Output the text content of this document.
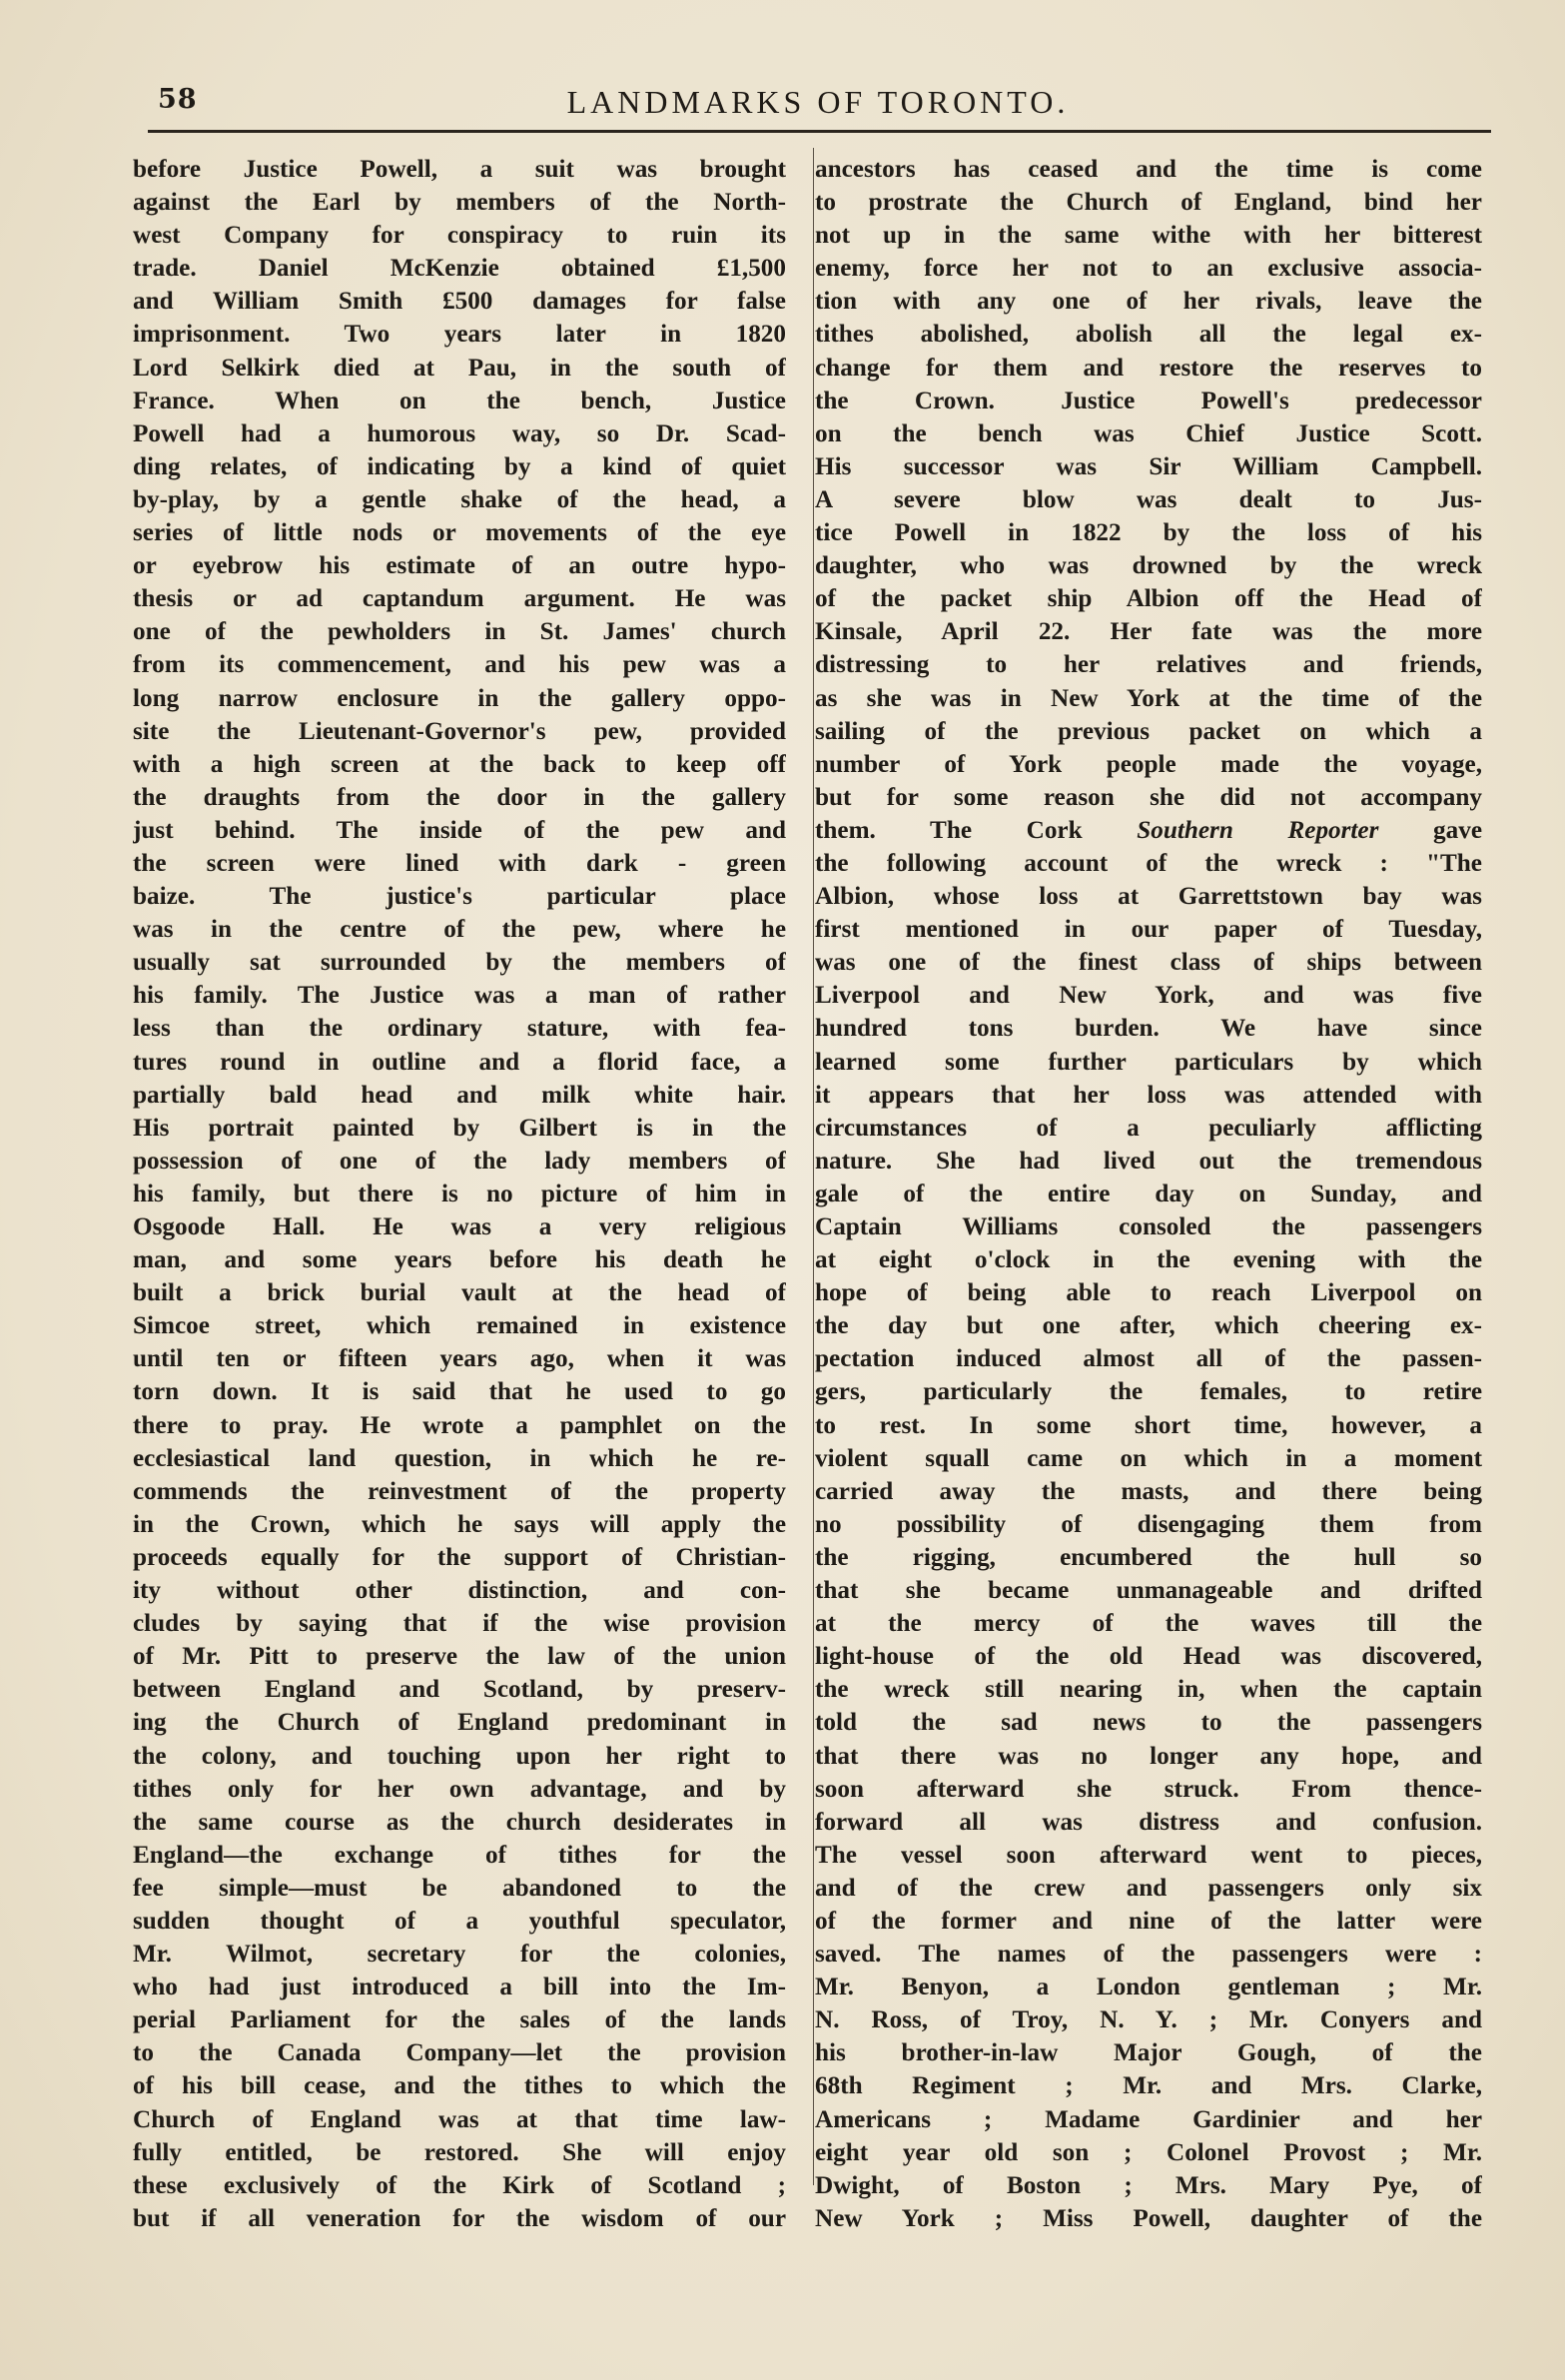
58	LANDMARKS OF TORONTO.
before Justice Powell, a suit was brought
against the Earl by members of the North-
west Company for conspiracy to ruin its
trade. Daniel McKenzie obtained £1,500
and William Smith £500 damages for false
imprisonment. Two years later in 1820
Lord Selkirk died at Pau, in the south of
France. When on the bench, Justice
Powell had a humorous way, so Dr. Scad-
ding relates, of indicating by a kind of quiet
by-play, by a gentle shake of the head, a
series of little nods or movements of the eye
or eyebrow his estimate of an outre hypo-
thesis or ad captandum argument. He was
one of the pewholders in St. James' church
from its commencement, and his pew was a
long narrow enclosure in the gallery oppo-
site the Lieutenant-Governor's pew, provided
with a high screen at the back to keep off
the draughts from the door in the gallery
just behind. The inside of the pew and
the screen were lined with dark - green
baize. The justice's particular place
was in the centre of the pew, where he
usually sat surrounded by the members of
his family. The Justice was a man of rather
less than the ordinary stature, with fea-
tures round in outline and a florid face, a
partially bald head and milk white hair.
His portrait painted by Gilbert is in the
possession of one of the lady members of
his family, but there is no picture of him in
Osgoode Hall. He was a very religious
man, and some years before his death he
built a brick burial vault at the head of
Simcoe street, which remained in existence
until ten or fifteen years ago, when it was
torn down. It is said that he used to go
there to pray. He wrote a pamphlet on the
ecclesiastical land question, in which he re-
commends the reinvestment of the property
in the Crown, which he says will apply the
proceeds equally for the support of Christian-
ity without other distinction, and con-
cludes by saying that if the wise provision
of Mr. Pitt to preserve the law of the union
between England and Scotland, by preserv-
ing the Church of England predominant in
the colony, and touching upon her right to
tithes only for her own advantage, and by
the same course as the church desiderates in
England—the exchange of tithes for the
fee simple—must be abandoned to the
sudden thought of a youthful speculator,
Mr. Wilmot, secretary for the colonies,
who had just introduced a bill into the Im-
perial Parliament for the sales of the lands
to the Canada Company—let the provision
of his bill cease, and the tithes to which the
Church of England was at that time law-
fully entitled, be restored. She will enjoy
these exclusively of the Kirk of Scotland ;
but if all veneration for the wisdom of our
ancestors has ceased and the time is come
to prostrate the Church of England, bind her
not up in the same withe with her bitterest
enemy, force her not to an exclusive associa-
tion with any one of her rivals, leave the
tithes abolished, abolish all the legal ex-
change for them and restore the reserves to
the Crown. Justice Powell's predecessor
on the bench was Chief Justice Scott.
His successor was Sir William Campbell.
A severe blow was dealt to Jus-
tice Powell in 1822 by the loss of his
daughter, who was drowned by the wreck
of the packet ship Albion off the Head of
Kinsale, April 22. Her fate was the more
distressing to her relatives and friends,
as she was in New York at the time of the
sailing of the previous packet on which a
number of York people made the voyage,
but for some reason she did not accompany
them. The Cork Southern Reporter gave
the following account of the wreck : "The
Albion, whose loss at Garrettstown bay was
first mentioned in our paper of Tuesday,
was one of the finest class of ships between
Liverpool and New York, and was five
hundred tons burden. We have since
learned some further particulars by which
it appears that her loss was attended with
circumstances of a peculiarly afflicting
nature. She had lived out the tremendous
gale of the entire day on Sunday, and
Captain Williams consoled the passengers
at eight o'clock in the evening with the
hope of being able to reach Liverpool on
the day but one after, which cheering ex-
pectation induced almost all of the passen-
gers, particularly the females, to retire
to rest. In some short time, however, a
violent squall came on which in a moment
carried away the masts, and there being
no possibility of disengaging them from
the rigging, encumbered the hull so
that she became unmanageable and drifted
at the mercy of the waves till the
light-house of the old Head was discovered,
the wreck still nearing in, when the captain
told the sad news to the passengers
that there was no longer any hope, and
soon afterward she struck. From thence-
forward all was distress and confusion.
The vessel soon afterward went to pieces,
and of the crew and passengers only six
of the former and nine of the latter were
saved. The names of the passengers were :
Mr. Benyon, a London gentleman ; Mr.
N. Ross, of Troy, N. Y. ; Mr. Conyers and
his brother-in-law Major Gough, of the
68th Regiment ; Mr. and Mrs. Clarke,
Americans ; Madame Gardinier and her
eight year old son ; Colonel Provost ; Mr.
Dwight, of Boston ; Mrs. Mary Pye, of
New York ; Miss Powell, daughter of the
